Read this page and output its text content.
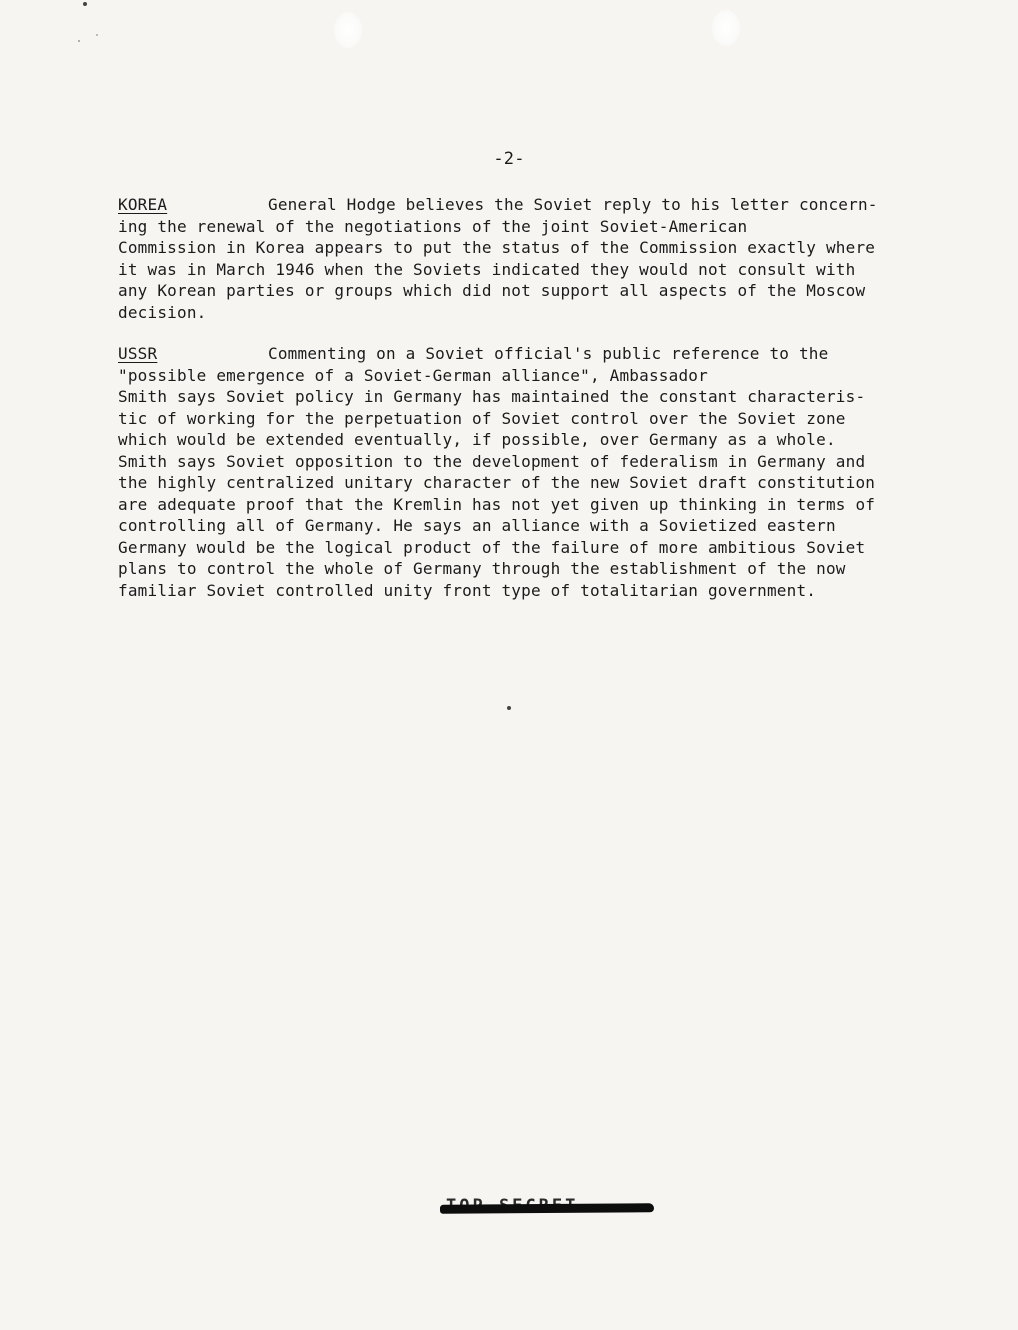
-2-
KOREA	General Hodge believes the Soviet reply to his letter concern-
ing the renewal of the negotiations of the joint Soviet-American
Commission in Korea appears to put the status of the Commission exactly where
it was in March 1946 when the Soviets indicated they would not consult with
any Korean parties or groups which did not support all aspects of the Moscow
decision.

USSR	Commenting on a Soviet official's public reference to the
"possible emergence of a Soviet-German alliance", Ambassador
Smith says Soviet policy in Germany has maintained the constant characteris-
tic of working for the perpetuation of Soviet control over the Soviet zone
which would be extended eventually, if possible, over Germany as a whole.
Smith says Soviet opposition to the development of federalism in Germany and
the highly centralized unitary character of the new Soviet draft constitution
are adequate proof that the Kremlin has not yet given up thinking in terms of
controlling all of Germany. He says an alliance with a Sovietized eastern
Germany would be the logical product of the failure of more ambitious Soviet
plans to control the whole of Germany through the establishment of the now
familiar Soviet controlled unity front type of totalitarian government.
